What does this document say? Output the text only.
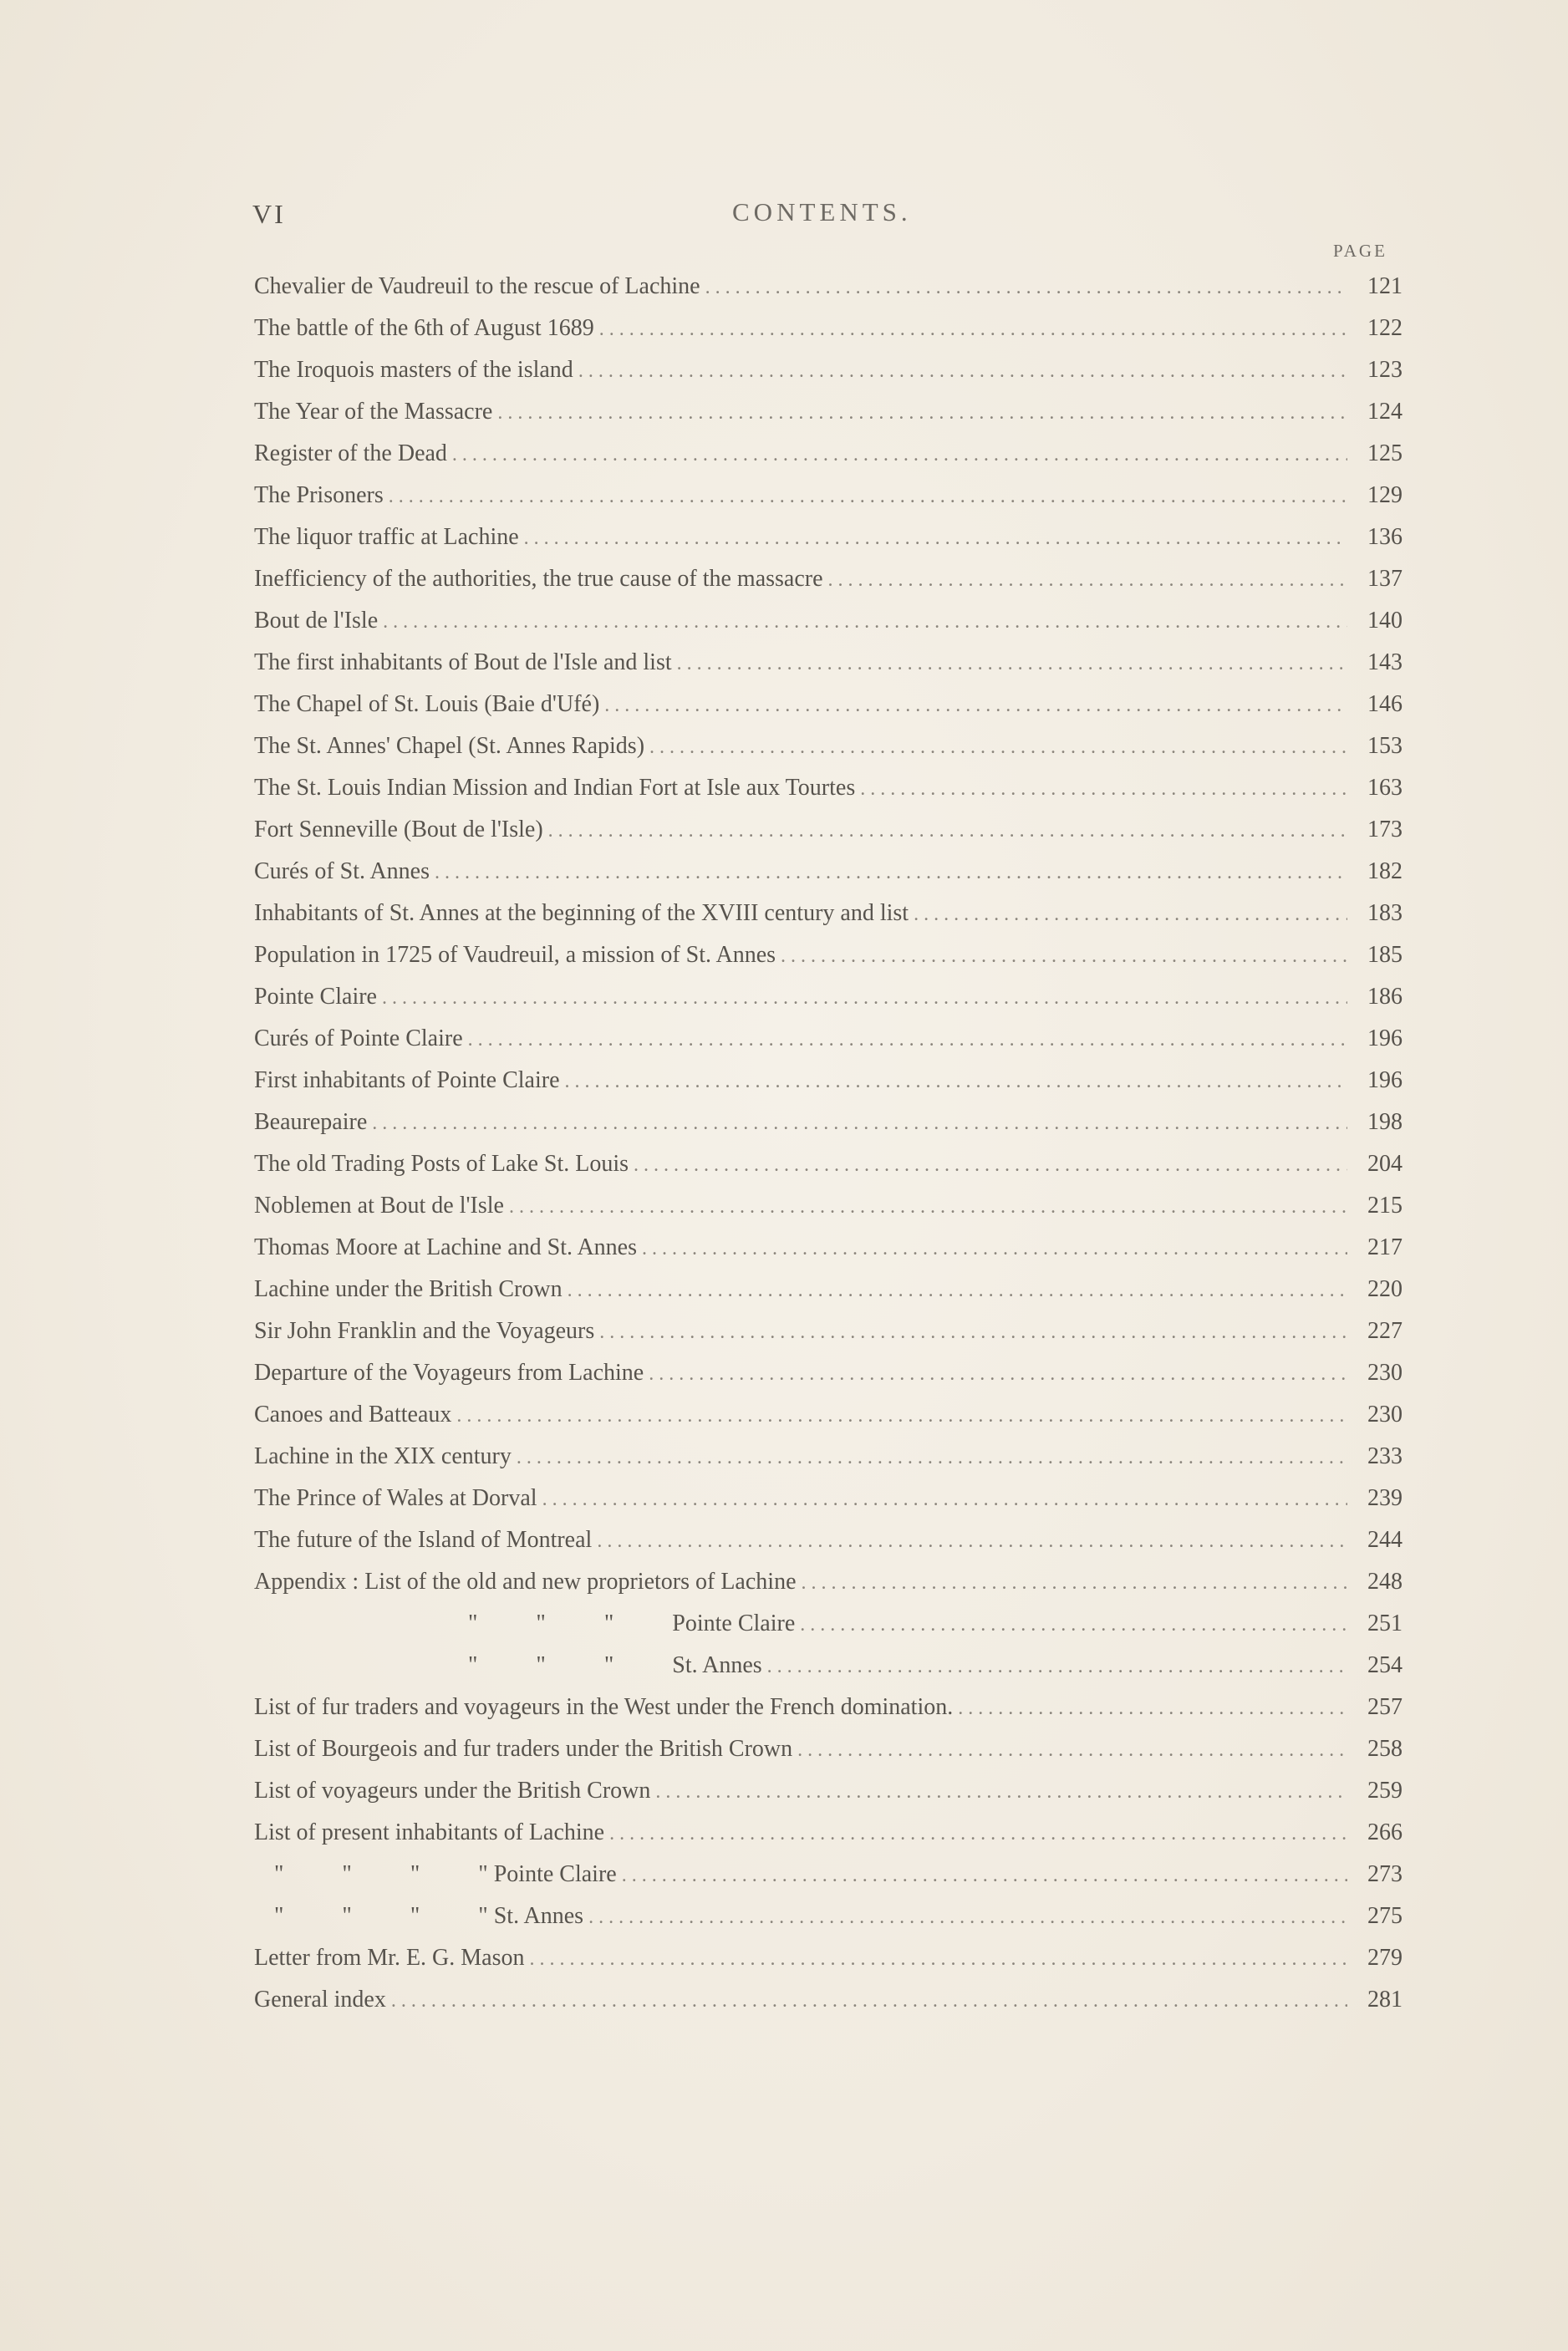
VI	CONTENTS.
PAGE
Chevalier de Vaudreuil to the rescue of Lachine . . .	121
The battle of the 6th of August 1689 . . .	122
The Iroquois masters of the island . . .	123
The Year of the Massacre . . .	124
Register of the Dead . . .	125
The Prisoners . . .	129
The liquor traffic at Lachine . . .	136
Inefficiency of the authorities, the true cause of the massacre . . .	137
Bout de l'Isle . . .	140
The first inhabitants of Bout de l'Isle and list . . .	143
The Chapel of St. Louis (Baie d'Ufé) . . .	146
The St. Annes' Chapel (St. Annes Rapids) . . .	153
The St. Louis Indian Mission and Indian Fort at Isle aux Tourtes . . .	163
Fort Senneville (Bout de l'Isle) . . .	173
Curés of St. Annes . . .	182
Inhabitants of St. Annes at the beginning of the XVIII century and list . . .	183
Population in 1725 of Vaudreuil, a mission of St. Annes . . .	185
Pointe Claire . . .	186
Curés of Pointe Claire . . .	196
First inhabitants of Pointe Claire . . .	196
Beaurepaire . . .	198
The old Trading Posts of Lake St. Louis . . .	204
Noblemen at Bout de l'Isle . . .	215
Thomas Moore at Lachine and St. Annes . . .	217
Lachine under the British Crown . . .	220
Sir John Franklin and the Voyageurs . . .	227
Departure of the Voyageurs from Lachine . . .	230
Canoes and Batteaux . . .	230
Lachine in the XIX century . . .	233
The Prince of Wales at Dorval . . .	239
The future of the Island of Montreal . . .	244
Appendix : List of the old and new proprietors of Lachine . . .	248
"          "          "          Pointe Claire . . .	251
"          "          "          St. Annes . . .	254
List of fur traders and voyageurs in the West under the French domination. . . .	257
List of Bourgeois and fur traders under the British Crown . . .	258
List of voyageurs under the British Crown . . .	259
List of present inhabitants of Lachine . . .	266
"          "          "          " Pointe Claire . . .	273
"          "          "          " St. Annes . . .	275
Letter from Mr. E. G. Mason . . .	279
General index . . .	281
